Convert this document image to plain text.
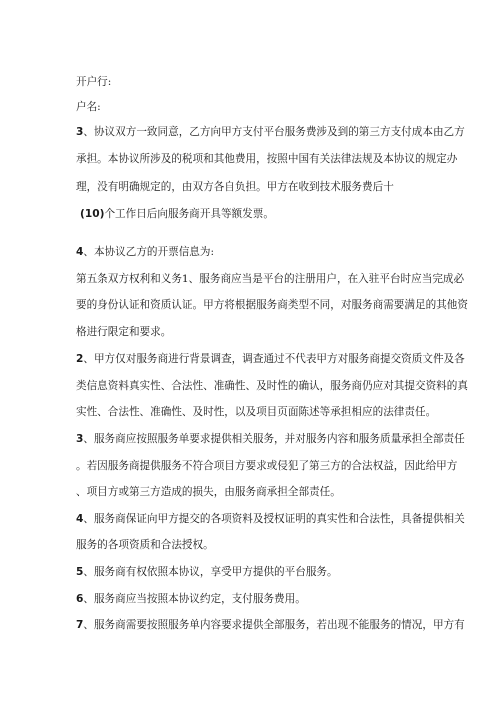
开户行:
户名:
3、协议双方一致同意，乙方向甲方支付平台服务费涉及到的第三方支付成本由乙方
承担。本协议所涉及的税项和其他费用，按照中国有关法律法规及本协议的规定办
理，没有明确规定的，由双方各自负担。甲方在收到技术服务费后十
(10)个工作日后向服务商开具等额发票。
4、本协议乙方的开票信息为:
第五条双方权利和义务1、服务商应当是平台的注册用户，在入驻平台时应当完成必
要的身份认证和资质认证。甲方将根据服务商类型不同，对服务商需要满足的其他资
格进行限定和要求。
2、甲方仅对服务商进行背景调查，调查通过不代表甲方对服务商提交资质文件及各
类信息资料真实性、合法性、准确性、及时性的确认，服务商仍应对其提交资料的真
实性、合法性、准确性、及时性，以及项目页面陈述等承担相应的法律责任。
3、服务商应按照服务单要求提供相关服务，并对服务内容和服务质量承担全部责任
。若因服务商提供服务不符合项目方要求或侵犯了第三方的合法权益，因此给甲方
、项目方或第三方造成的损失，由服务商承担全部责任。
4、服务商保证向甲方提交的各项资料及授权证明的真实性和合法性，具备提供相关
服务的各项资质和合法授权。
5、服务商有权依照本协议，享受甲方提供的平台服务。
6、服务商应当按照本协议约定，支付服务费用。
7、服务商需要按照服务单内容要求提供全部服务，若出现不能服务的情况，甲方有
